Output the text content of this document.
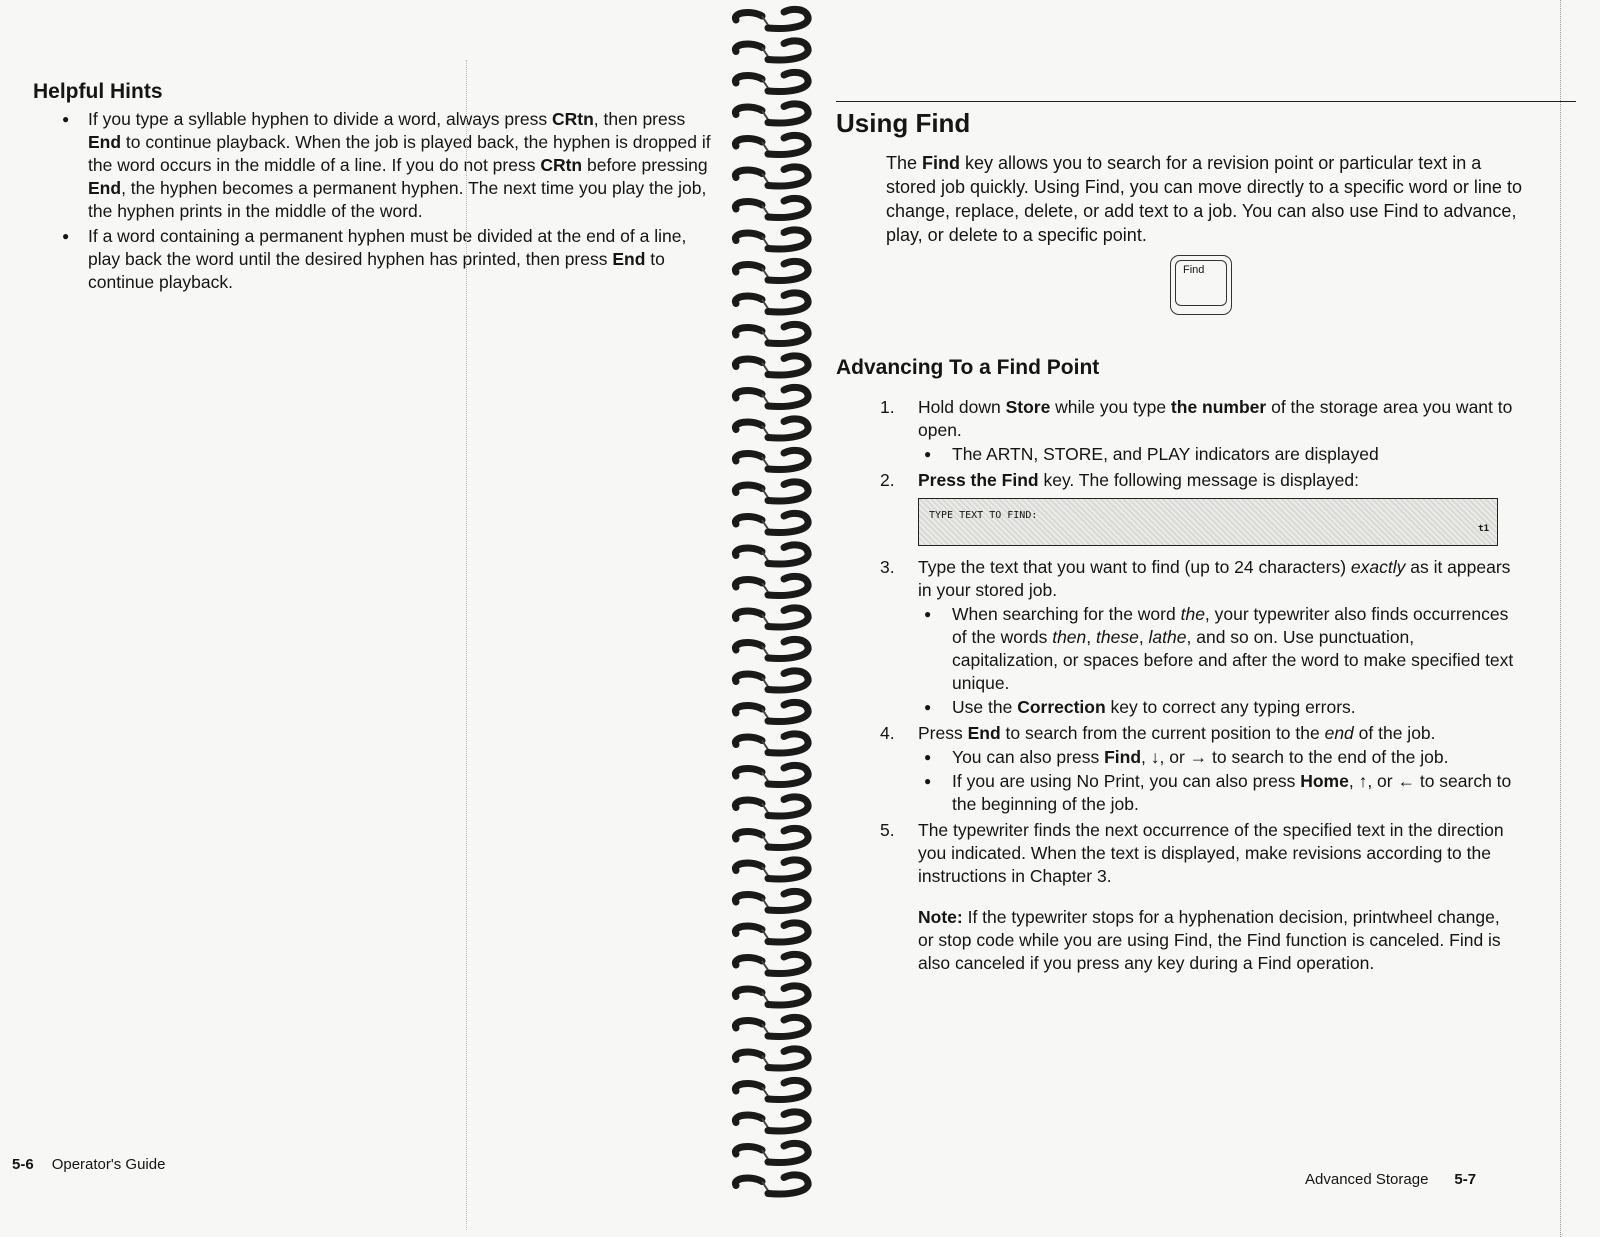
Helpful Hints
● If you type a syllable hyphen to divide a word, always press CRtn, then press End to continue playback. When the job is played back, the hyphen is dropped if the word occurs in the middle of a line. If you do not press CRtn before pressing End, the hyphen becomes a permanent hyphen. The next time you play the job, the hyphen prints in the middle of the word.
● If a word containing a permanent hyphen must be divided at the end of a line, play back the word until the desired hyphen has printed, then press End to continue playback.
5-6 Operator's Guide
Using Find

The Find key allows you to search for a revision point or particular text in a stored job quickly. Using Find, you can move directly to a specific word or line to change, replace, delete, or add text to a job. You can also use Find to advance, play, or delete to a specific point.

Find
Advancing To a Find Point
1. Hold down Store while you type the number of the storage area you want to open.
● The ARTN, STORE, and PLAY indicators are displayed
2. Press the Find key. The following message is displayed:
TYPE TEXT TO FIND:
t1
3. Type the text that you want to find (up to 24 characters) exactly as it appears in your stored job.
● When searching for the word the, your typewriter also finds occurrences of the words then, these, lathe, and so on. Use punctuation, capitalization, or spaces before and after the word to make specified text unique.
● Use the Correction key to correct any typing errors.
4. Press End to search from the current position to the end of the job.
● You can also press Find, ↓, or → to search to the end of the job.
● If you are using No Print, you can also press Home, ↑, or ← to search to the beginning of the job.
5. The typewriter finds the next occurrence of the specified text in the direction you indicated. When the text is displayed, make revisions according to the instructions in Chapter 3.

Note: If the typewriter stops for a hyphenation decision, printwheel change, or stop code while you are using Find, the Find function is canceled. Find is also canceled if you press any key during a Find operation.

Advanced Storage 5-7
